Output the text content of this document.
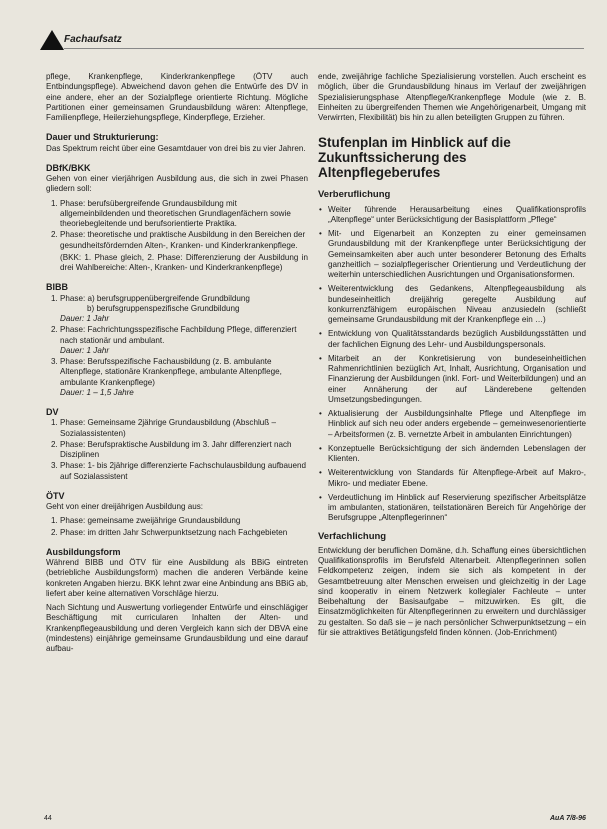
Fachaufsatz

pflege, Krankenpflege, Kinderkrankenpflege (ÖTV auch Entbindungspflege). Abweichend davon gehen die Entwürfe des DV in eine andere, eher an der Sozialpflege orientierte Richtung. Mögliche Partitionen einer gemeinsamen Grundausbildung wären: Altenpflege, Familienpflege, Heilerziehungspflege, Kinderpflege, Erzieher.

Dauer und Strukturierung:

Das Spektrum reicht über eine Gesamtdauer von drei bis zu vier Jahren.

DBfK/BKK

Gehen von einer vierjährigen Ausbildung aus, die sich in zwei Phasen gliedern soll:

1. Phase: berufsübergreifende Grundausbildung mit allgemeinbildenden und theoretischen Grundlagenfächern sowie theoriebegleitende und berufsorientierte Praktika.
2. Phase: theoretische und praktische Ausbildung in den Bereichen der gesundheitsfördernden Alten-, Kranken- und Kinderkrankenpflege.

(BKK: 1. Phase gleich, 2. Phase: Differenzierung der Ausbildung in drei Wahlbereiche: Alten-, Kranken- und Kinderkrankenpflege)

BIBB
1. Phase: a) berufsgruppenübergreifende Grundbildung
b) berufsgruppenspezifische Grundbildung
Dauer: 1 Jahr
2. Phase: Fachrichtungsspezifische Fachbildung Pflege, differenziert nach stationär und ambulant.
Dauer: 1 Jahr
3. Phase: Berufsspezifische Fachausbildung (z. B. ambulante Altenpflege, stationäre Krankenpflege, ambulante Altenpflege, ambulante Krankenpflege)
Dauer: 1 – 1,5 Jahre
DV
1. Phase: Gemeinsame 2jährige Grundausbildung (Abschluß – Sozialassistenten)
2. Phase: Berufspraktische Ausbildung im 3. Jahr differenziert nach Disziplinen
3. Phase: 1- bis 2jährige differenzierte Fachschulausbildung aufbauend auf Sozialassistent
ÖTV

Geht von einer dreijährigen Ausbildung aus:

1. Phase: gemeinsame zweijährige Grundausbildung
2. Phase: im dritten Jahr Schwerpunktsetzung nach Fachgebieten
Ausbildungsform

Während BIBB und ÖTV für eine Ausbildung als BBiG eintreten (betriebliche Ausbildungsform) machen die anderen Verbände keine konkreten Angaben hierzu. BKK lehnt zwar eine Anbindung ans BBiG ab, liefert aber keine alternativen Vorschläge hierzu.

Nach Sichtung und Auswertung vorliegender Entwürfe und einschlägiger Beschäftigung mit curricularen Inhalten der Alten- und Krankenpflegeausbildung und deren Vergleich kann sich der DBVA eine (mindestens) einjährige gemeinsame Grundausbildung und eine darauf aufbau-

ende, zweijährige fachliche Spezialisierung vorstellen. Auch erscheint es möglich, über die Grundausbildung hinaus im Verlauf der zweijährigen Spezialisierungsphase Altenpflege/Krankenpflege Module (wie z. B. Einheiten zu übergreifenden Themen wie Angehörigenarbeit, Umgang mit Verwirrten, Flexibilität) bis hin zu allen beteiligten Gruppen zu führen.

Stufenplan im Hinblick auf die Zukunftssicherung des Altenpflegeberufes
Verberuflichung
• Weiter führende Herausarbeitung eines Qualifikationsprofils „Altenpflege“ unter Berücksichtigung der Basisplattform „Pflege“
• Mit- und Eigenarbeit an Konzepten zu einer gemeinsamen Grundausbildung mit der Krankenpflege unter Berücksichtigung der Gemeinsamkeiten aber auch unter besonderer Betonung des Erhalts ganzheitlich – sozialpflegerischer Orientierung und Verdeutlichung der weiterhin unterschiedlichen Ausrichtungen und Organisationsformen.
• Weiterentwicklung des Gedankens, Altenpflegeausbildung als bundeseinheitlich dreijährig geregelte Ausbildung auf konkurrenzfähigem europäischen Niveau anzusiedeln (schließt gemeinsame Grundausbildung mit der Krankenpflege ein …)
• Entwicklung von Qualitätsstandards bezüglich Ausbildungsstätten und der fachlichen Eignung des Lehr- und Ausbildungspersonals.
• Mitarbeit an der Konkretisierung von bundeseinheitlichen Rahmenrichtlinien bezüglich Art, Inhalt, Ausrichtung, Organisation und Finanzierung der Ausbildungen (inkl. Fort- und Weiterbildungen) und an einer Annäherung der auf Länderebene geltenden Umsetzungsbedingungen.
• Aktualisierung der Ausbildungsinhalte Pflege und Altenpflege im Hinblick auf sich neu oder anders ergebende – gemeinwesenorientierte – Arbeitsformen (z. B. vernetzte Arbeit in ambulanten Einrichtungen)
• Konzeptuelle Berücksichtigung der sich ändernden Lebenslagen der Klienten.
• Weiterentwicklung von Standards für Altenpflege-Arbeit auf Makro-, Mikro- und mediater Ebene.
• Verdeutlichung im Hinblick auf Reservierung spezifischer Arbeitsplätze im ambulanten, stationären, teilstationären Bereich für Angehörige der Berufsgruppe „Altenpflegerinnen“
Verfachlichung

Entwicklung der beruflichen Domäne, d.h. Schaffung eines übersichtlichen Qualifikationsprofils im Berufsfeld Altenarbeit. Altenpflegerinnen sollen Feldkompetenz zeigen, indem sie sich als kompetent in der Gesamtbetreuung alter Menschen erweisen und gleichzeitig in der Lage sind kooperativ in einem Netzwerk kollegialer Fachleute – unter Beibehaltung der Basisaufgabe – mitzuwirken. Es gilt, die Einsatzmöglichkeiten für Altenpflegerinnen zu erweitern und durchlässiger zu gestalten. So daß sie – je nach persönlicher Schwerpunktsetzung – ein für sie attraktives Betätigungsfeld finden können. (Job-Enrichment)

44	AuA 7/8-96
